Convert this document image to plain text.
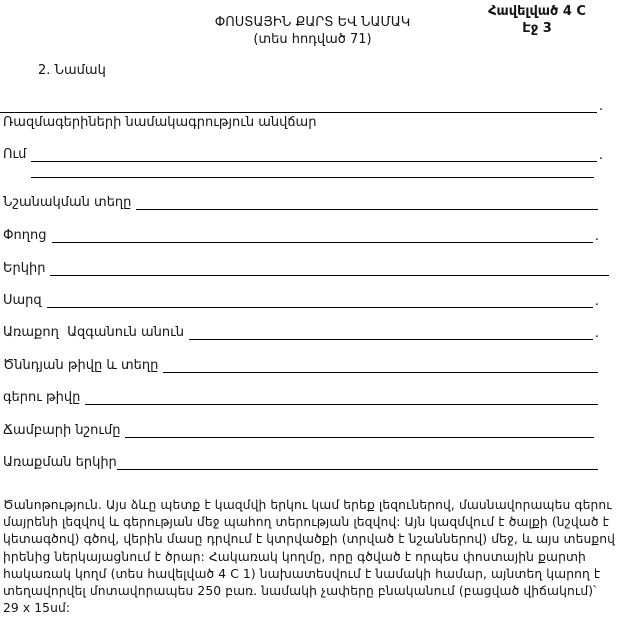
Հավելված 4 C
Էջ 3
ՓՈՍՏԱՅԻՆ ՔԱՐՏ ԵՎ ՆԱՄԱԿ
(տես հոդված 71)
2. Նամակ
.
Ռազմագերիների նամակագրություն անվճար
Ում	.
Նշանակման տեղը
Փողոց	.
Երկիր
Սարզ	.
Առաքող  Ազգանուն անուն	.
Ծննդյան թիվը և տեղը
գերու թիվը
Ճամբարի նշումը
Առաքման երկիր
Ծանոթություն. Այս ձևը պետք է կազմվի երկու կամ երեք լեզուներով, մասնավորապես գերու
մայրենի լեզվով և գերության մեջ պահող տերության լեզվով: Այն կազմվում է ծալքի (նշված է
կետագծով) գծով, վերին մասը դրվում է կտրվածքի (տրված է նշաններով) մեջ, և այս տեսքով
իրենից ներկայացնում է ծրար: Հակառակ կողմը, որը գծված է որպես փոստային քարտի
հակառակ կողմ (տես հավելված 4 C 1) նախատեսվում է նամակի համար, այնտեղ կարող է
տեղավորվել մոտավորապես 250 բառ. նամակի չափերը բնականում (բացված վիճակում)՝
29 x 15սմ:
